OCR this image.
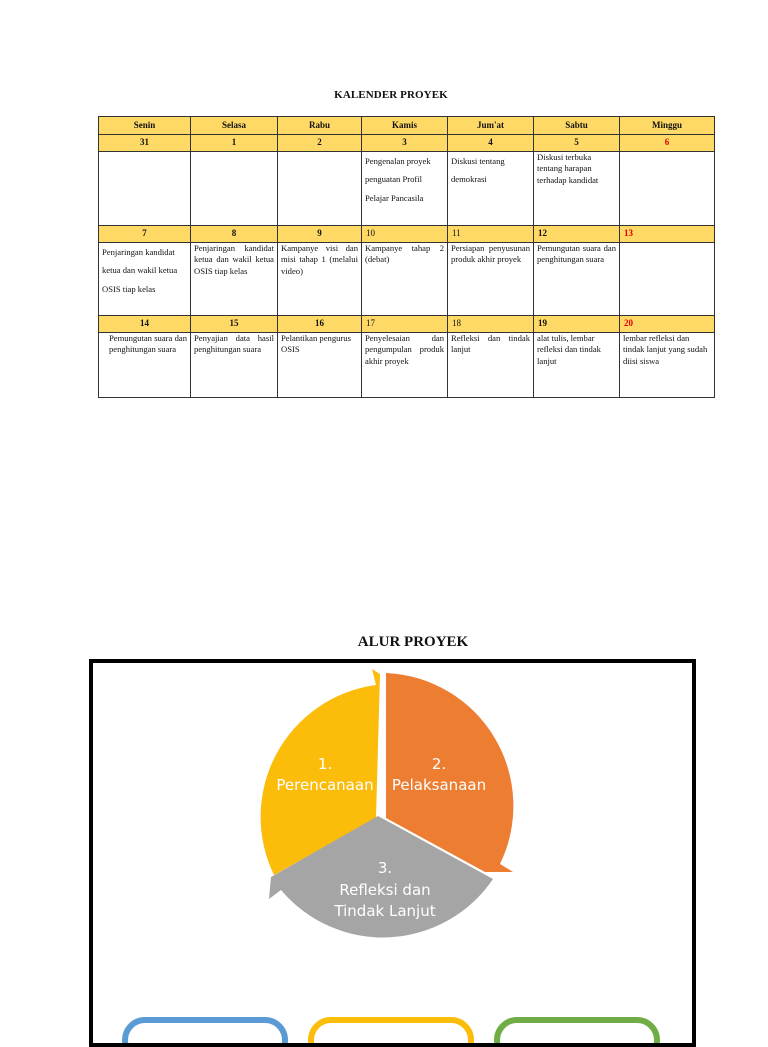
KALENDER PROYEK
Senin	Selasa	Rabu	Kamis	Jum'at	Sabtu	Minggu
31	1	2	3	4	5	6
			Pengenalan proyek penguatan Profil Pelajar Pancasila	Diskusi tentang demokrasi	Diskusi terbuka tentang harapan terhadap kandidat	
7	8	9	10	11	12	13
Penjaringan kandidat ketua dan wakil ketua OSIS tiap kelas	Penjaringan kandidat ketua dan wakil ketua OSIS tiap kelas	Kampanye visi dan misi tahap 1 (melalui video)	Kampanye tahap 2 (debat)	Persiapan penyusunan produk akhir proyek	Pemungutan suara dan penghitungan suara	
14	15	16	17	18	19	20
Pemungutan suara dan penghitungan suara	Penyajian data hasil penghitungan suara	Pelantikan pengurus OSIS	Penyelesaian dan pengumpulan produk akhir proyek	Refleksi dan tindak lanjut	alat tulis, lembar refleksi dan tindak lanjut	lembar refleksi dan tindak lanjut yang sudah diisi siswa
ALUR PROYEK
1.
Perencanaan
2.
Pelaksanaan
3.
Refleksi dan
Tindak Lanjut
